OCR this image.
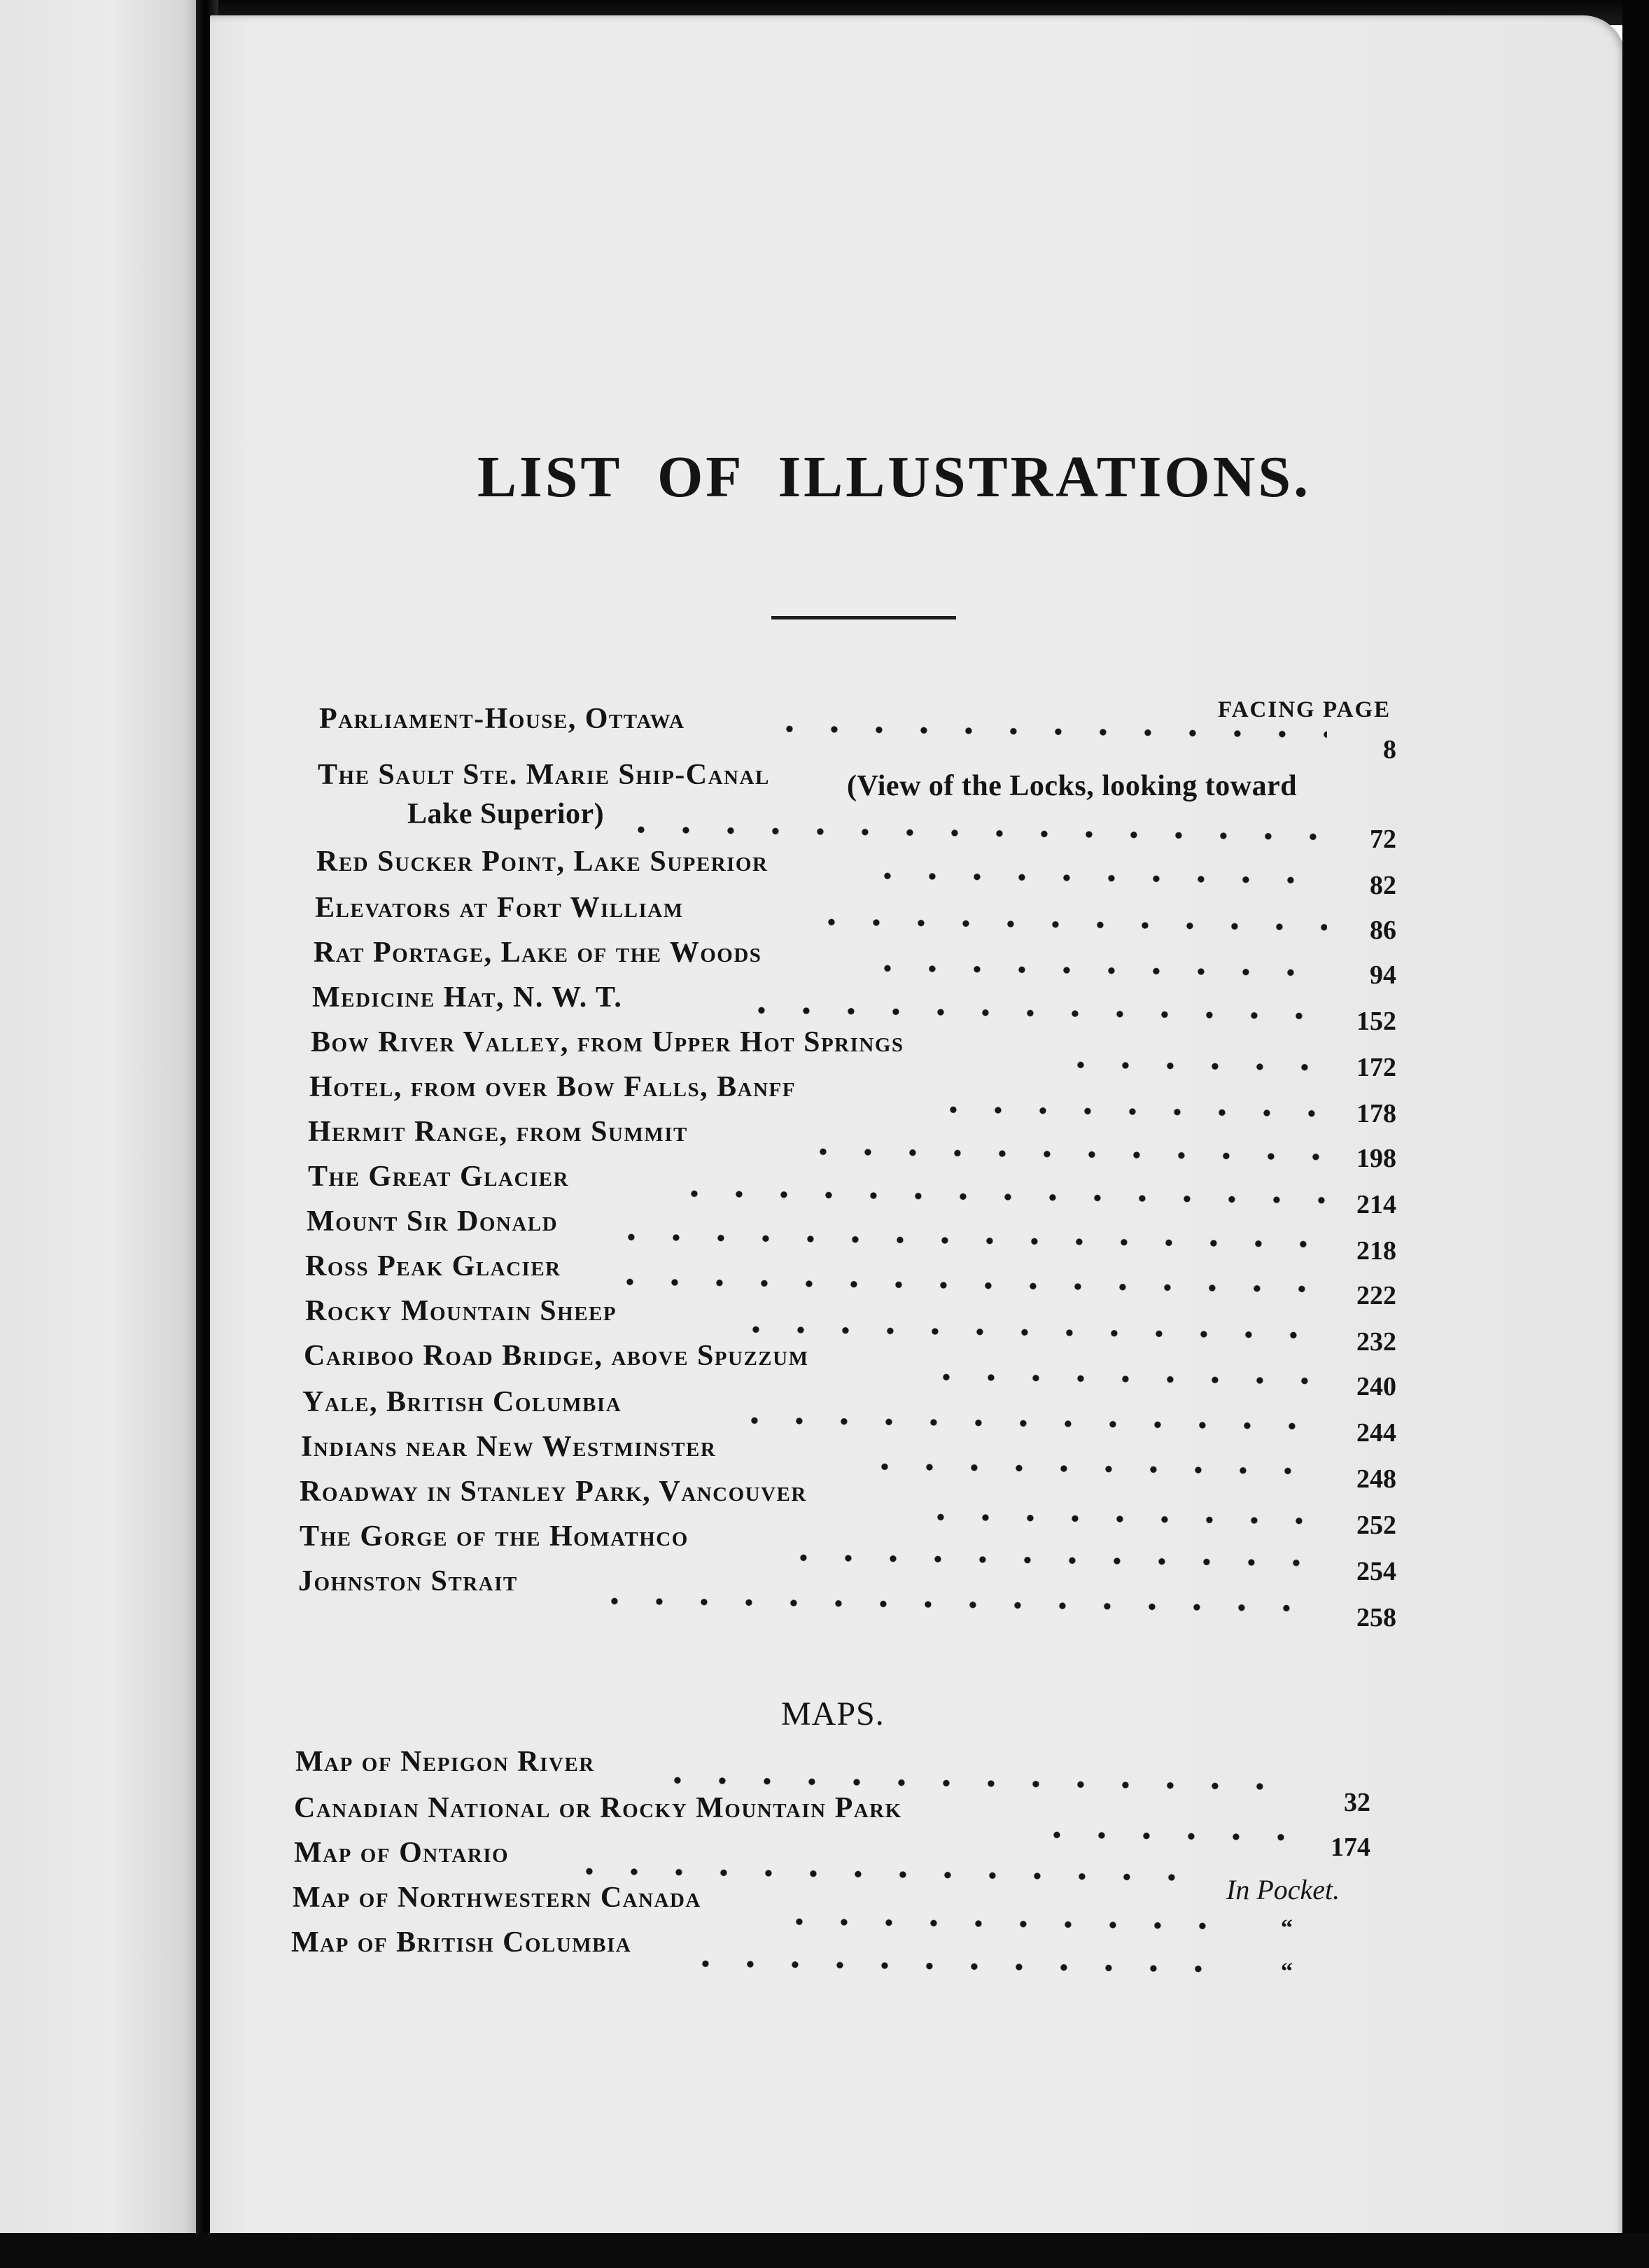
LIST OF ILLUSTRATIONS.
FACING PAGE
Parliament-House, Ottawa
8
The Sault Ste. Marie Ship-Canal	(View of the Locks, looking toward
Lake Superior)
72
Red Sucker Point, Lake Superior
82
Elevators at Fort William
86
Rat Portage, Lake of the Woods
94
Medicine Hat, N. W. T.
152
Bow River Valley, from Upper Hot Springs
172
Hotel, from over Bow Falls, Banff
178
Hermit Range, from Summit
198
The Great Glacier
214
Mount Sir Donald
218
Ross Peak Glacier
222
Rocky Mountain Sheep
232
Cariboo Road Bridge, above Spuzzum
240
Yale, British Columbia
244
Indians near New Westminster
248
Roadway in Stanley Park, Vancouver
252
The Gorge of the Homathco
254
Johnston Strait
258
MAPS.
Map of Nepigon River
32
Canadian National or Rocky Mountain Park
174
Map of Ontario
In Pocket.
Map of Northwestern Canada
“
Map of British Columbia
“
